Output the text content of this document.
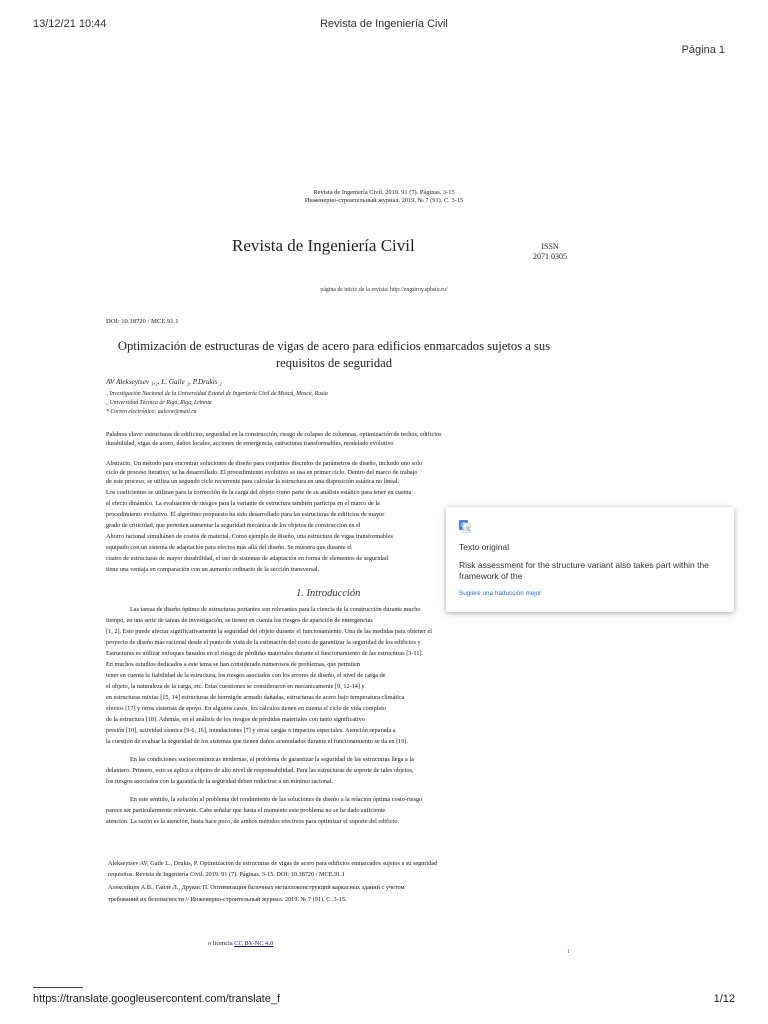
13/12/21 10:44	Revista de Ingeniería Civil
Página 1
Revista de Ingeniería Civil. 2019. 91 (7). Páginas. 3-15
Инженерно-строительный журнал. 2019. № 7 (91). С. 3-15
Revista de Ingeniería Civil	ISSN
2071 0305
página de inicio de la revista: http://engstroy.spbstu.ru/
DOI: 10.18720 / MCE.91.1
Optimización de estructuras de vigas de acero para edificios enmarcados sujetos a sus requisitos de seguridad
AV Alekseytsev ₁,₂, L. Gaile ₂, P.Drukis ₂
₁ Investigación Nacional de la Universidad Estatal de Ingeniería Civil de Moscú, Moscú, Rusia
₂ Universidad Técnica de Riga, Riga, Letonia
* Correo electrónico: aalexw@mail.ru
Palabras clave: estructuras de edificios, seguridad en la construcción, riesgo de colapso de columnas, optimización de techos, edificios
durabilidad, vigas de acero, daños locales, acciones de emergencia, estructuras transformables, modelado evolutivo
Abstracto. Un método para encontrar soluciones de diseño para conjuntos discretos de parámetros de diseño, incluido uno solo
ciclo de proceso iterativo, se ha desarrollado. El procedimiento evolutivo se usa en primer ciclo. Dentro del marco de trabajo
de este proceso, se utiliza un segundo ciclo recurrente para calcular la estructura en una disposición estática no lineal.
Los coeficientes se utilizan para la corrección de la carga del objeto como parte de su análisis estático para tener en cuenta
el efecto dinámico. La evaluación de riesgos para la variante de estructura también participa en el marco de la
procedimiento evolutivo. El algoritmo propuesto ha sido desarrollado para las estructuras de edificios de mayor
grado de criticidad, que permiten aumentar la seguridad mecánica de los objetos de construcción en el
Ahorro racional simultáneo de costos de material. Como ejemplo de diseño, una estructura de vigas transformables
equipado con un sistema de adaptación para efectos más allá del diseño. Se muestra que durante el
cuatro de estructuras de mayor durabilidad, el uso de sistemas de adaptación en forma de elementos de seguridad
tiene una ventaja en comparación con un aumento ordinario de la sección transversal.
1. Introducción
Las tareas de diseño óptimo de estructuras portantes son relevantes para la ciencia de la construcción durante mucho
tiempo, en una serie de tareas de investigación, se tienen en cuenta los riesgos de aparición de emergencias
[1, 2]. Esto puede afectar significativamente la seguridad del objeto durante el funcionamiento. Una de las medidas para obtener el
proyecto de diseño más racional desde el punto de vista de la estimación del costo de garantizar la seguridad de los edificios y
Estructuras es utilizar enfoques basados en el riesgo de pérdidas materiales durante el funcionamiento de las estructuras [3-11].
En muchos estudios dedicados a este tema se han considerado numerosos de problemas, que permiten
tener en cuenta la fiabilidad de la estructura, los riesgos asociados con los errores de diseño, el nivel de carga de
el objeto, la naturaleza de la carga, etc. Estas cuestiones se consideraron en mecanicamente [9, 12-14] y
en estructuras mixtas [15, 14] estructuras de hormigón armado dañadas, estructuras de acero bajo temperatura climática
efectos [17] y otros sistemas de apoyo. En algunos casos, los cálculos tienen en cuenta el ciclo de vida completo
de la estructura [18]. Además, en el análisis de los riesgos de pérdidas materiales con tanto significativo
presión [10], actividad sísmica [9-6, 16], inundaciones [7] y otras cargas o impactos especiales. Atención separada a
la cuestión de evaluar la seguridad de los sistemas que tienen daños acumulados durante el funcionamiento se da en [19].
En las condiciones socioeconómicas modernas, el problema de garantizar la seguridad de las estructuras llega a la
delantero. Primero, esto se aplica a objetos de alto nivel de responsabilidad. Para las estructuras de soporte de tales objetos,
los riesgos asociados con la garantía de la seguridad deben reducirse a un mínimo racional.
En este sentido, la solución al problema del rendimiento de las soluciones de diseño a la relación óptima costo-riesgo
parece ser particularmente relevante. Cabe señalar que hasta el momento este problema no se ha dado suficiente
atención. La razón es la atención, hasta hace poco, de ambos métodos efectivos para optimizar el soporte del edificio.
Alekseytsev AV, Gaile L., Drukis, P. Optimización de estructuras de vigas de acero para edificios enmarcados sujetos a su seguridad
requisitos. Revista de Ingeniería Civil. 2019. 91 (7). Páginas. 3-15. DOI: 10.18720 / MCE.91.1
Алексейцев А.В., Гайле Л., Друкис П. Оптимизация балочных металлоконструкций каркасных зданий с учетом
требований их безопасности // Инженерно-строительный журнал. 2019. № 7 (91). С. 3-15.
o licencia CC BY-NC 4.0
1
G
文
Texto original
Risk assessment for the structure variant also takes part within the framework of the
Sugiere una traducción mejor
https://translate.googleusercontent.com/translate_f	1/12
